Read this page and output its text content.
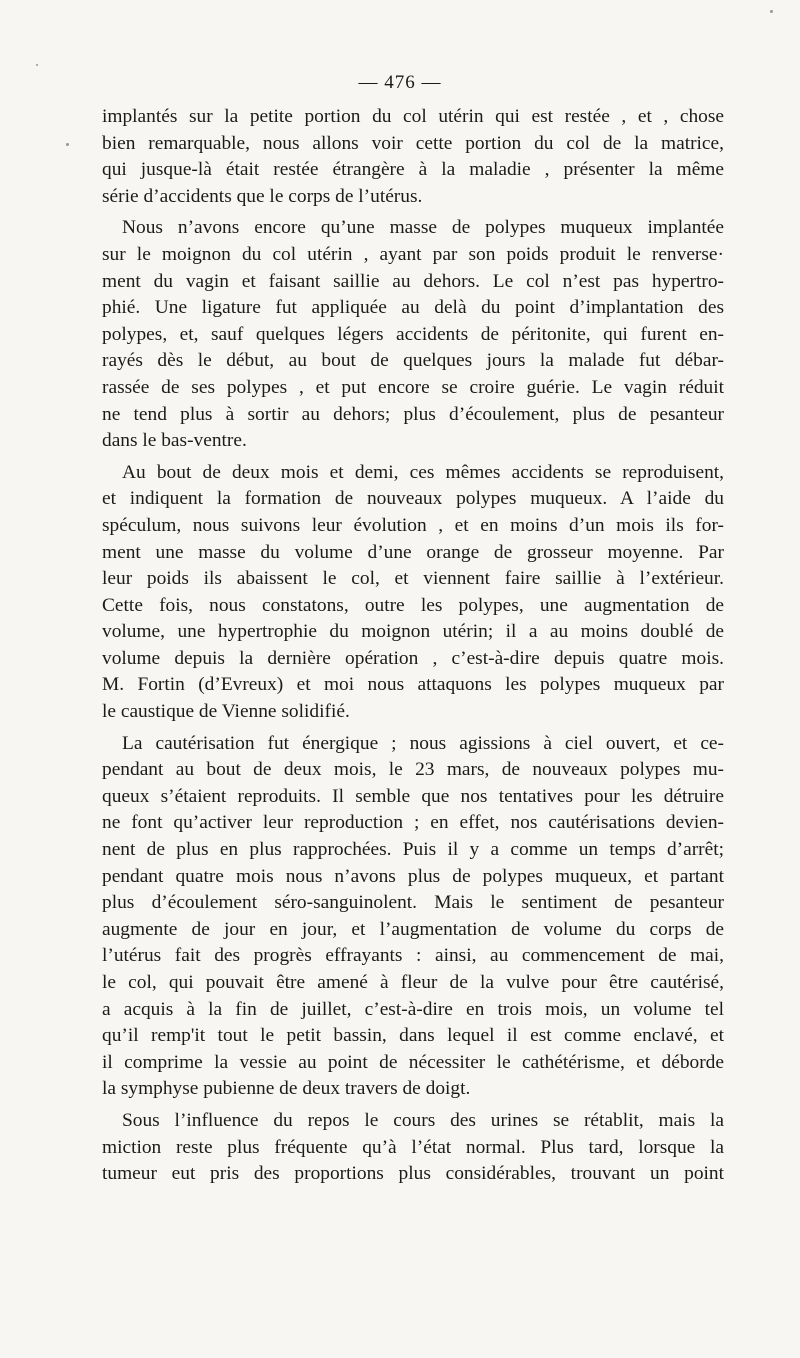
— 476 —
implantés sur la petite portion du col utérin qui est restée , et , chose
bien remarquable, nous allons voir cette portion du col de la matrice,
qui jusque-là était restée étrangère à la maladie , présenter la même
série d’accidents que le corps de l’utérus.
Nous n’avons encore qu’une masse de polypes muqueux implantée
sur le moignon du col utérin , ayant par son poids produit le renverse·
ment du vagin et faisant saillie au dehors. Le col n’est pas hypertro-
phié. Une ligature fut appliquée au delà du point d’implantation des
polypes, et, sauf quelques légers accidents de péritonite, qui furent en-
rayés dès le début, au bout de quelques jours la malade fut débar-
rassée de ses polypes , et put encore se croire guérie. Le vagin réduit
ne tend plus à sortir au dehors; plus d’écoulement, plus de pesanteur
dans le bas-ventre.
Au bout de deux mois et demi, ces mêmes accidents se reproduisent,
et indiquent la formation de nouveaux polypes muqueux. A l’aide du
spéculum, nous suivons leur évolution , et en moins d’un mois ils for-
ment une masse du volume d’une orange de grosseur moyenne. Par
leur poids ils abaissent le col, et viennent faire saillie à l’extérieur.
Cette fois, nous constatons, outre les polypes, une augmentation de
volume, une hypertrophie du moignon utérin; il a au moins doublé de
volume depuis la dernière opération , c’est-à-dire depuis quatre mois.
M. Fortin (d’Evreux) et moi nous attaquons les polypes muqueux par
le caustique de Vienne solidifié.
La cautérisation fut énergique ; nous agissions à ciel ouvert, et ce-
pendant au bout de deux mois, le 23 mars, de nouveaux polypes mu-
queux s’étaient reproduits. Il semble que nos tentatives pour les détruire
ne font qu’activer leur reproduction ; en effet, nos cautérisations devien-
nent de plus en plus rapprochées. Puis il y a comme un temps d’arrêt;
pendant quatre mois nous n’avons plus de polypes muqueux, et partant
plus d’écoulement séro-sanguinolent. Mais le sentiment de pesanteur
augmente de jour en jour, et l’augmentation de volume du corps de
l’utérus fait des progrès effrayants : ainsi, au commencement de mai,
le col, qui pouvait être amené à fleur de la vulve pour être cautérisé,
a acquis à la fin de juillet, c’est-à-dire en trois mois, un volume tel
qu’il remp'it tout le petit bassin, dans lequel il est comme enclavé, et
il comprime la vessie au point de nécessiter le cathétérisme, et déborde
la symphyse pubienne de deux travers de doigt.
Sous l’influence du repos le cours des urines se rétablit, mais la
miction reste plus fréquente qu’à l’état normal. Plus tard, lorsque la
tumeur eut pris des proportions plus considérables, trouvant un point
